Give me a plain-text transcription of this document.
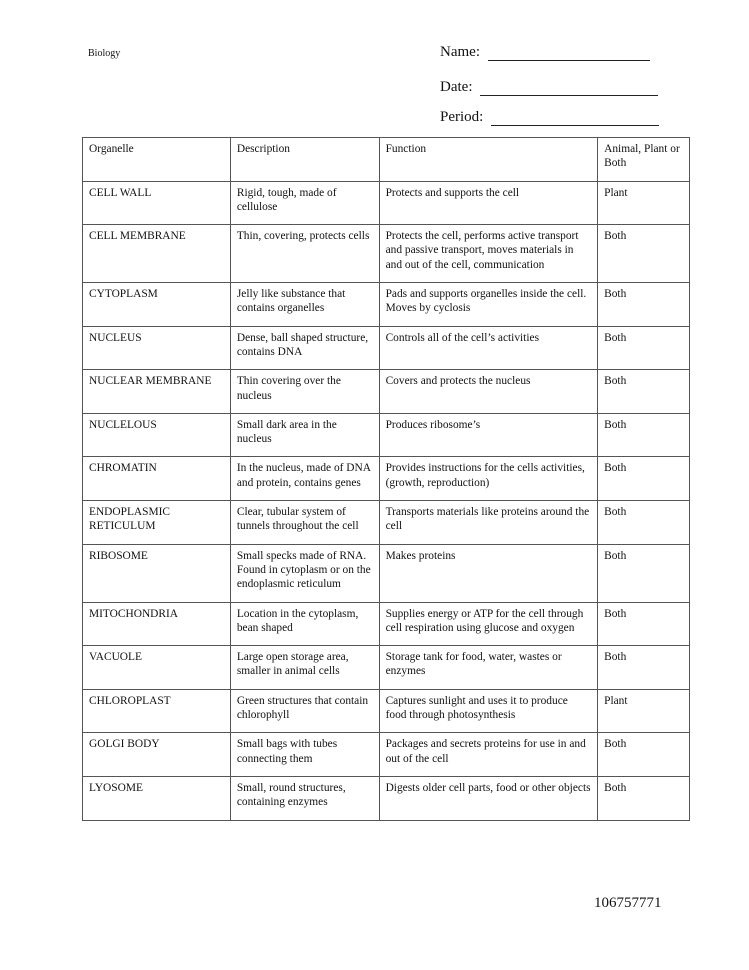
Biology	Name:
Date:
Period:
Organelle	Description	Function	Animal, Plant or Both
CELL WALL	Rigid, tough, made of cellulose	Protects and supports the cell	Plant
CELL MEMBRANE	Thin, covering, protects cells	Protects the cell, performs active transport and passive transport, moves materials in and out of the cell, communication	Both
CYTOPLASM	Jelly like substance that contains organelles	Pads and supports organelles inside the cell. Moves by cyclosis	Both
NUCLEUS	Dense, ball shaped structure, contains DNA	Controls all of the cell’s activities	Both
NUCLEAR MEMBRANE	Thin covering over the nucleus	Covers and protects the nucleus	Both
NUCLELOUS	Small dark area in the nucleus	Produces ribosome’s	Both
CHROMATIN	In the nucleus, made of DNA and protein, contains genes	Provides instructions for the cells activities, (growth, reproduction)	Both
ENDOPLASMIC RETICULUM	Clear, tubular system of tunnels throughout the cell	Transports materials like proteins around the cell	Both
RIBOSOME	Small specks made of RNA. Found in cytoplasm or on the endoplasmic reticulum	Makes proteins	Both
MITOCHONDRIA	Location in the cytoplasm, bean shaped	Supplies energy or ATP for the cell through cell respiration using glucose and oxygen	Both
VACUOLE	Large open storage area, smaller in animal cells	Storage tank for food, water, wastes or enzymes	Both
CHLOROPLAST	Green structures that contain chlorophyll	Captures sunlight and uses it to produce food through photosynthesis	Plant
GOLGI BODY	Small bags with tubes connecting them	Packages and secrets proteins for use in and out of the cell	Both
LYOSOME	Small, round structures, containing enzymes	Digests older cell parts, food or other objects	Both
106757771
